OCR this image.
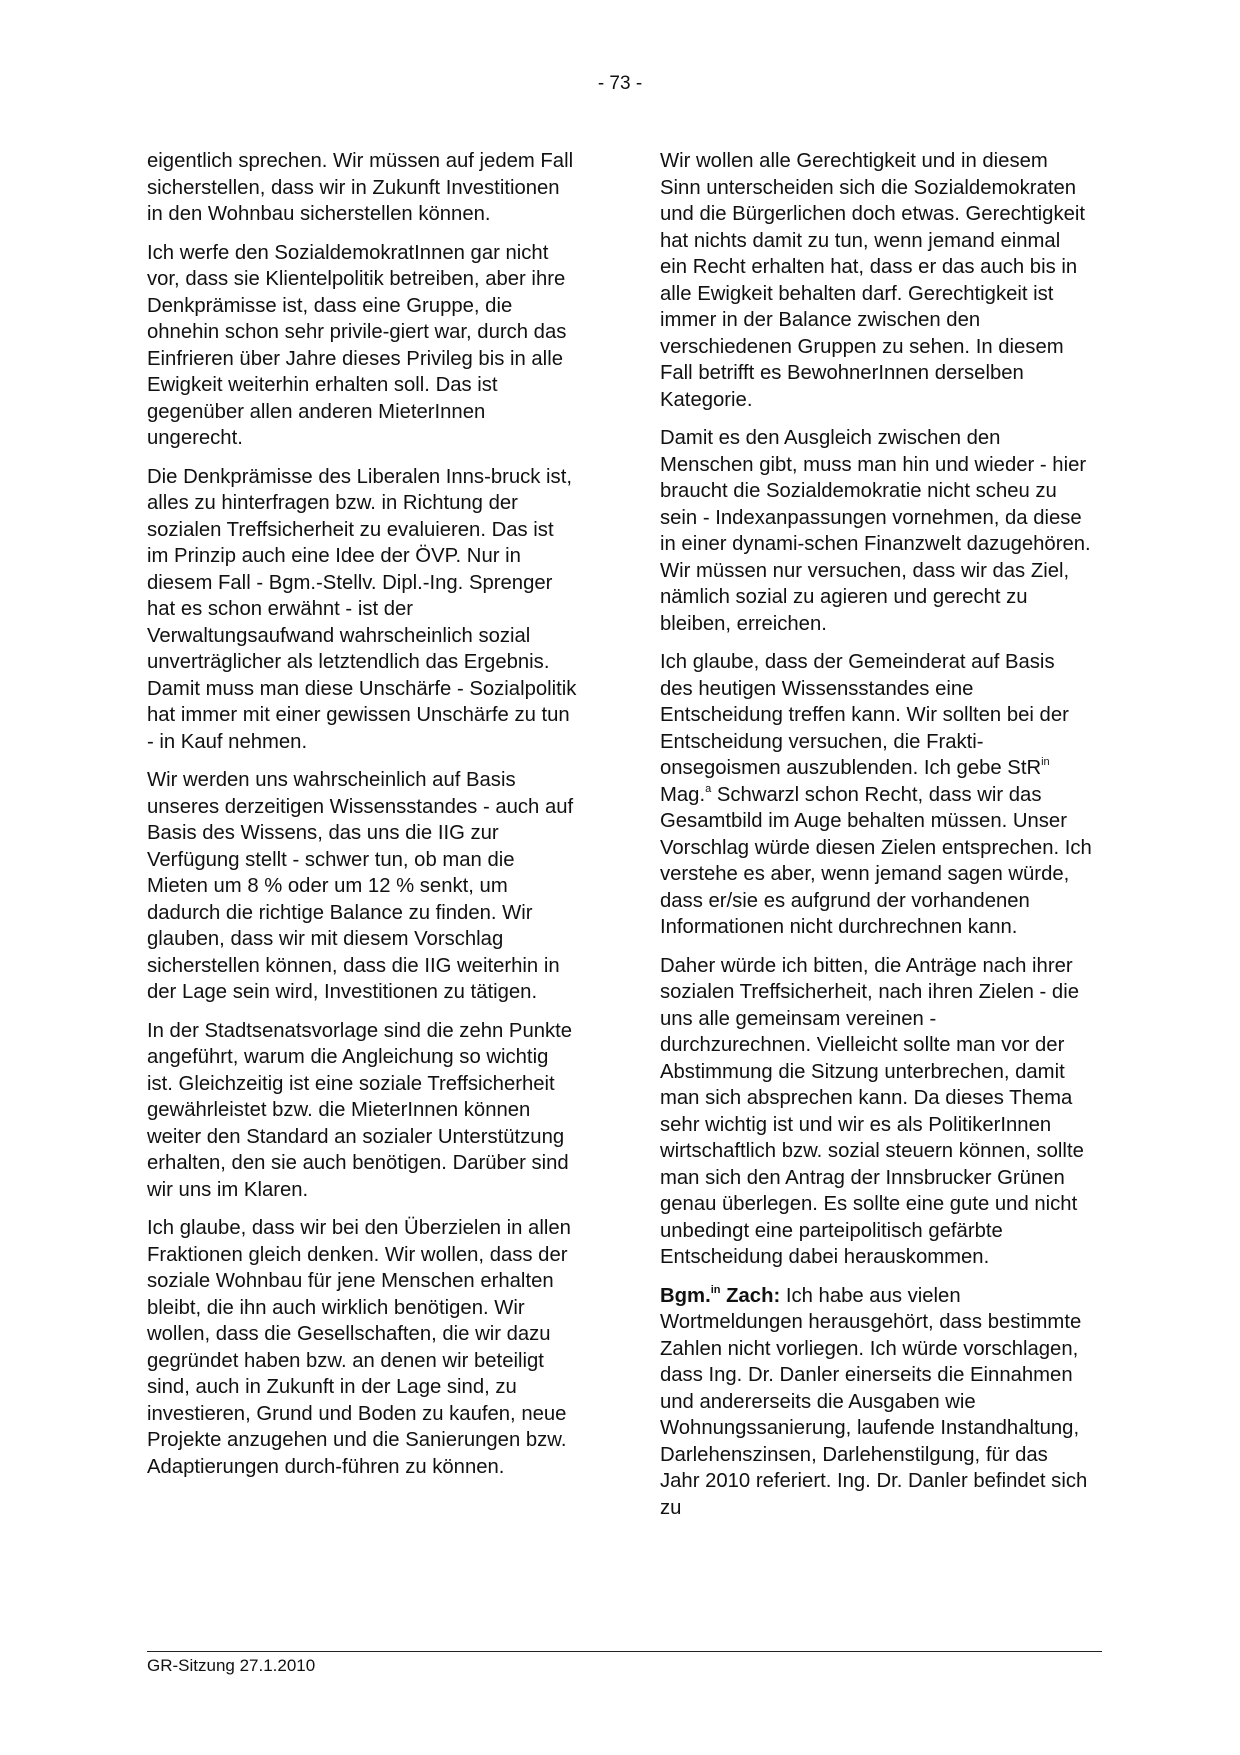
- 73 -

eigentlich sprechen. Wir müssen auf jedem Fall sicherstellen, dass wir in Zukunft Investitionen in den Wohnbau sicherstellen können.

Ich werfe den SozialdemokratInnen gar nicht vor, dass sie Klientelpolitik betreiben, aber ihre Denkprämisse ist, dass eine Gruppe, die ohnehin schon sehr privile-giert war, durch das Einfrieren über Jahre dieses Privileg bis in alle Ewigkeit weiterhin erhalten soll. Das ist gegenüber allen anderen MieterInnen ungerecht.

Die Denkprämisse des Liberalen Inns-bruck ist, alles zu hinterfragen bzw. in Richtung der sozialen Treffsicherheit zu evaluieren. Das ist im Prinzip auch eine Idee der ÖVP. Nur in diesem Fall - Bgm.-Stellv. Dipl.-Ing. Sprenger hat es schon erwähnt - ist der Verwaltungsaufwand wahrscheinlich sozial unverträglicher als letztendlich das Ergebnis. Damit muss man diese Unschärfe - Sozialpolitik hat immer mit einer gewissen Unschärfe zu tun - in Kauf nehmen.

Wir werden uns wahrscheinlich auf Basis unseres derzeitigen Wissensstandes - auch auf Basis des Wissens, das uns die IIG zur Verfügung stellt - schwer tun, ob man die Mieten um 8 % oder um 12 % senkt, um dadurch die richtige Balance zu finden. Wir glauben, dass wir mit diesem Vorschlag sicherstellen können, dass die IIG weiterhin in der Lage sein wird, Investitionen zu tätigen.

In der Stadtsenatsvorlage sind die zehn Punkte angeführt, warum die Angleichung so wichtig ist. Gleichzeitig ist eine soziale Treffsicherheit gewährleistet bzw. die MieterInnen können weiter den Standard an sozialer Unterstützung erhalten, den sie auch benötigen. Darüber sind wir uns im Klaren.

Ich glaube, dass wir bei den Überzielen in allen Fraktionen gleich denken. Wir wollen, dass der soziale Wohnbau für jene Menschen erhalten bleibt, die ihn auch wirklich benötigen. Wir wollen, dass die Gesellschaften, die wir dazu gegründet haben bzw. an denen wir beteiligt sind, auch in Zukunft in der Lage sind, zu investieren, Grund und Boden zu kaufen, neue Projekte anzugehen und die Sanierungen bzw. Adaptierungen durch-führen zu können.

Wir wollen alle Gerechtigkeit und in diesem Sinn unterscheiden sich die Sozialdemokraten und die Bürgerlichen doch etwas. Gerechtigkeit hat nichts damit zu tun, wenn jemand einmal ein Recht erhalten hat, dass er das auch bis in alle Ewigkeit behalten darf. Gerechtigkeit ist immer in der Balance zwischen den verschiedenen Gruppen zu sehen. In diesem Fall betrifft es BewohnerInnen derselben Kategorie.

Damit es den Ausgleich zwischen den Menschen gibt, muss man hin und wieder - hier braucht die Sozialdemokratie nicht scheu zu sein - Indexanpassungen vornehmen, da diese in einer dynami-schen Finanzwelt dazugehören. Wir müssen nur versuchen, dass wir das Ziel, nämlich sozial zu agieren und gerecht zu bleiben, erreichen.

Ich glaube, dass der Gemeinderat auf Basis des heutigen Wissensstandes eine Entscheidung treffen kann. Wir sollten bei der Entscheidung versuchen, die Frakti-onsegoismen auszublenden. Ich gebe StR$^{in}$ Mag.$^a$ Schwarzl schon Recht, dass wir das Gesamtbild im Auge behalten müssen. Unser Vorschlag würde diesen Zielen entsprechen. Ich verstehe es aber, wenn jemand sagen würde, dass er/sie es aufgrund der vorhandenen Informationen nicht durchrechnen kann.

Daher würde ich bitten, die Anträge nach ihrer sozialen Treffsicherheit, nach ihren Zielen - die uns alle gemeinsam vereinen - durchzurechnen. Vielleicht sollte man vor der Abstimmung die Sitzung unterbrechen, damit man sich absprechen kann. Da dieses Thema sehr wichtig ist und wir es als PolitikerInnen wirtschaftlich bzw. sozial steuern können, sollte man sich den Antrag der Innsbrucker Grünen genau überlegen. Es sollte eine gute und nicht unbedingt eine parteipolitisch gefärbte Entscheidung dabei herauskommen.

Bgm.$^{in}$ Zach: Ich habe aus vielen Wortmeldungen herausgehört, dass bestimmte Zahlen nicht vorliegen. Ich würde vorschlagen, dass Ing. Dr. Danler einerseits die Einnahmen und andererseits die Ausgaben wie Wohnungssanierung, laufende Instandhaltung, Darlehenszinsen, Darlehenstilgung, für das Jahr 2010 referiert. Ing. Dr. Danler befindet sich zu

GR-Sitzung 27.1.2010
